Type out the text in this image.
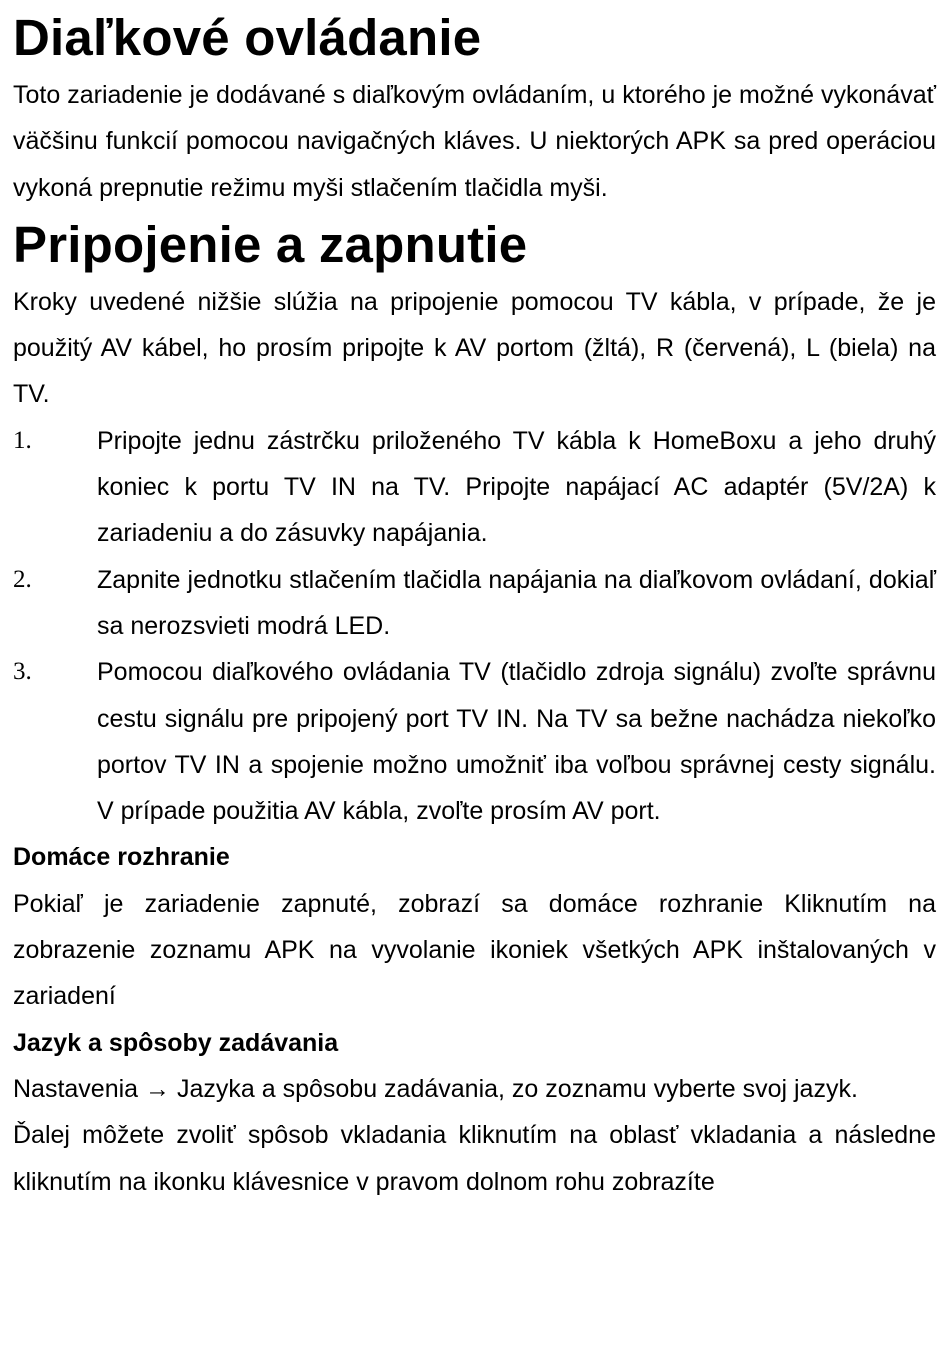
Diaľkové ovládanie

Toto zariadenie je dodávané s diaľkovým ovládaním, u ktorého je možné vykonávať väčšinu funkcií pomocou navigačných kláves. U niektorých APK sa pred operáciou vykoná prepnutie režimu myši stlačením tlačidla myši.

Pripojenie a zapnutie

Kroky uvedené nižšie slúžia na pripojenie pomocou TV kábla, v prípade, že je použitý AV kábel, ho prosím pripojte k AV portom (žltá), R (červená), L (biela) na TV.

1.	Pripojte jednu zástrčku priloženého TV kábla k HomeBoxu a jeho druhý koniec k portu TV IN na TV. Pripojte napájací AC adaptér (5V/2A) k zariadeniu a do zásuvky napájania.
2.	Zapnite jednotku stlačením tlačidla napájania na diaľkovom ovládaní, dokiaľ sa nerozsvieti modrá LED.
3.	Pomocou diaľkového ovládania TV (tlačidlo zdroja signálu) zvoľte správnu cestu signálu pre pripojený port TV IN. Na TV sa bežne nachádza niekoľko portov TV IN a spojenie možno umožniť iba voľbou správnej cesty signálu. V prípade použitia AV kábla, zvoľte prosím AV port.
Domáce rozhranie

Pokiaľ je zariadenie zapnuté, zobrazí sa domáce rozhranie Kliknutím na zobrazenie zoznamu APK na vyvolanie ikoniek všetkých APK inštalovaných v zariadení

Jazyk a spôsoby zadávania

Nastavenia → Jazyka a spôsobu zadávania, zo zoznamu vyberte svoj jazyk.

Ďalej môžete zvoliť spôsob vkladania kliknutím na oblasť vkladania a následne kliknutím na ikonku klávesnice v pravom dolnom rohu zobrazíte
